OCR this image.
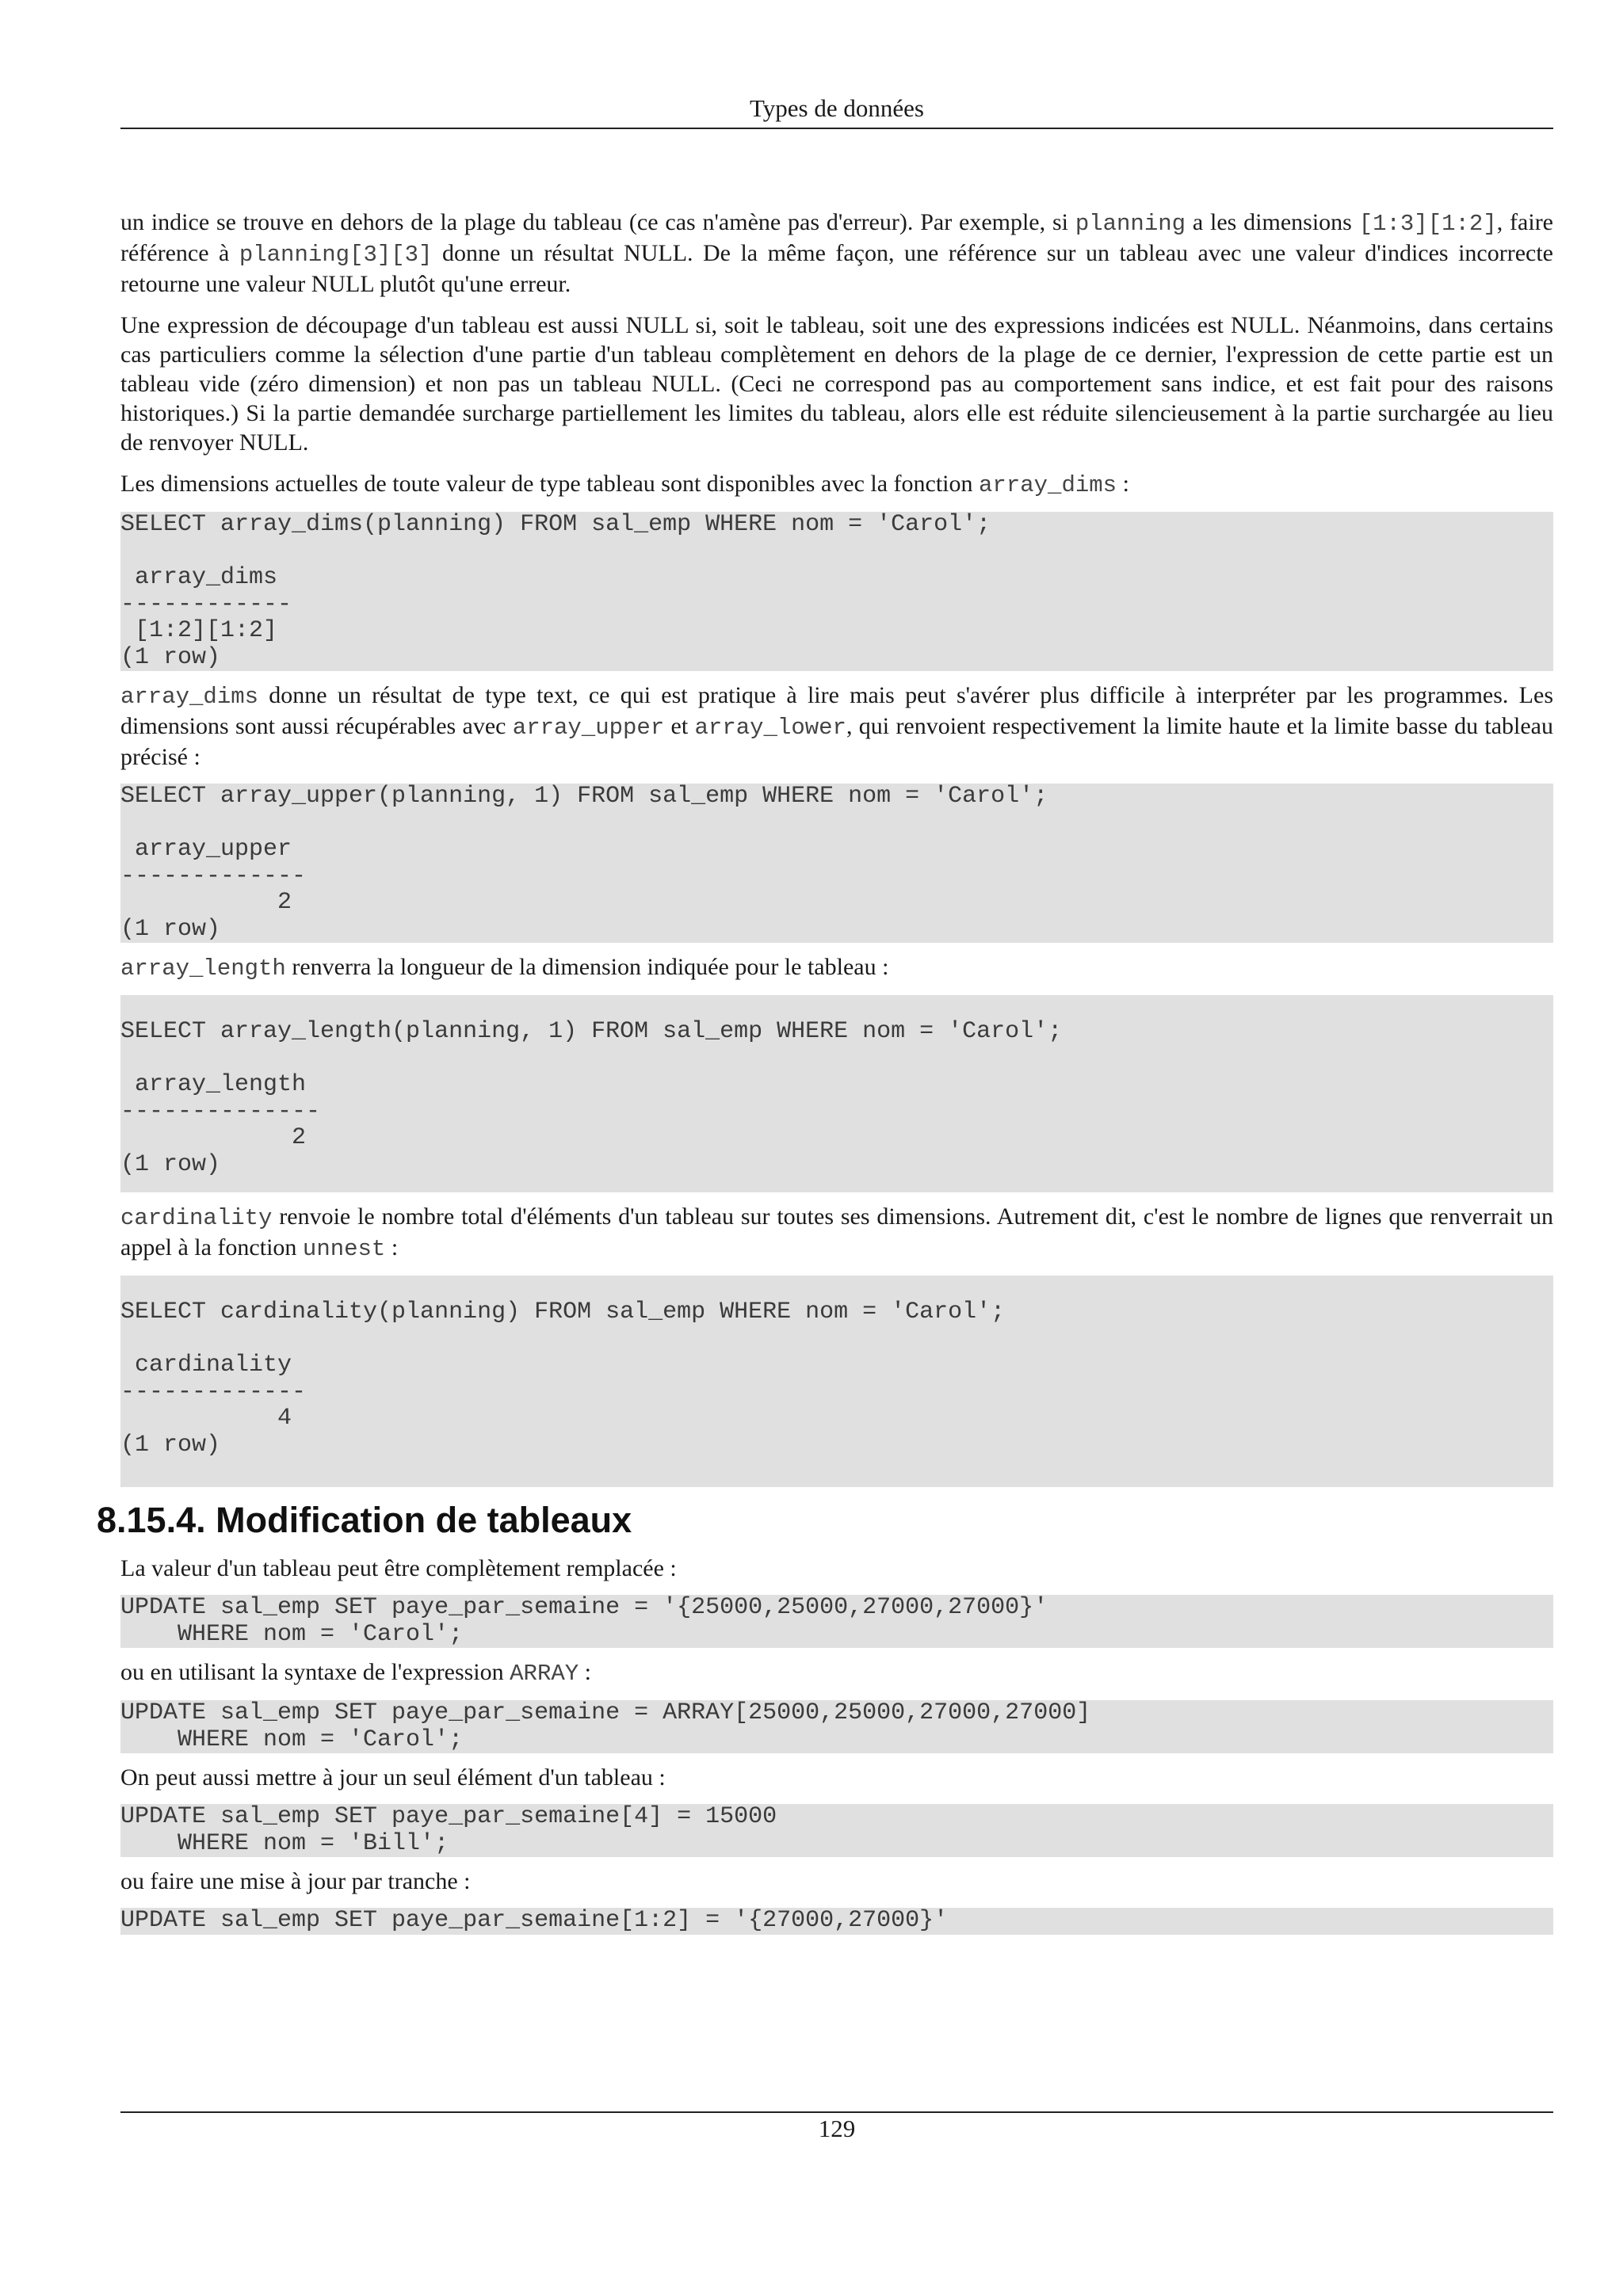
Types de données

un indice se trouve en dehors de la plage du tableau (ce cas n'amène pas d'erreur). Par exemple, si planning a les dimensions [1:3][1:2], faire référence à planning[3][3] donne un résultat NULL. De la même façon, une référence sur un tableau avec une valeur d'indices incorrecte retourne une valeur NULL plutôt qu'une erreur.

Une expression de découpage d'un tableau est aussi NULL si, soit le tableau, soit une des expressions indicées est NULL. Néanmoins, dans certains cas particuliers comme la sélection d'une partie d'un tableau complètement en dehors de la plage de ce dernier, l'expression de cette partie est un tableau vide (zéro dimension) et non pas un tableau NULL. (Ceci ne correspond pas au comportement sans indice, et est fait pour des raisons historiques.) Si la partie demandée surcharge partiellement les limites du tableau, alors elle est réduite silencieusement à la partie surchargée au lieu de renvoyer NULL.

Les dimensions actuelles de toute valeur de type tableau sont disponibles avec la fonction array_dims :

SELECT array_dims(planning) FROM sal_emp WHERE nom = 'Carol';

array_dims
------------
[1:2][1:2]
(1 row)

array_dims donne un résultat de type text, ce qui est pratique à lire mais peut s'avérer plus difficile à interpréter par les programmes. Les dimensions sont aussi récupérables avec array_upper et array_lower, qui renvoient respectivement la limite haute et la limite basse du tableau précisé :

SELECT array_upper(planning, 1) FROM sal_emp WHERE nom = 'Carol';

array_upper
-------------
2
(1 row)

array_length renverra la longueur de la dimension indiquée pour le tableau :

SELECT array_length(planning, 1) FROM sal_emp WHERE nom = 'Carol';

array_length
--------------
2
(1 row)

cardinality renvoie le nombre total d'éléments d'un tableau sur toutes ses dimensions. Autrement dit, c'est le nombre de lignes que renverrait un appel à la fonction unnest :

SELECT cardinality(planning) FROM sal_emp WHERE nom = 'Carol';

cardinality
-------------
4
(1 row)
8.15.4. Modification de tableaux

La valeur d'un tableau peut être complètement remplacée :

UPDATE sal_emp SET paye_par_semaine = '{25000,25000,27000,27000}'
WHERE nom = 'Carol';

ou en utilisant la syntaxe de l'expression ARRAY :

UPDATE sal_emp SET paye_par_semaine = ARRAY[25000,25000,27000,27000]
WHERE nom = 'Carol';

On peut aussi mettre à jour un seul élément d'un tableau :

UPDATE sal_emp SET paye_par_semaine[4] = 15000
WHERE nom = 'Bill';

ou faire une mise à jour par tranche :

UPDATE sal_emp SET paye_par_semaine[1:2] = '{27000,27000}'
129
